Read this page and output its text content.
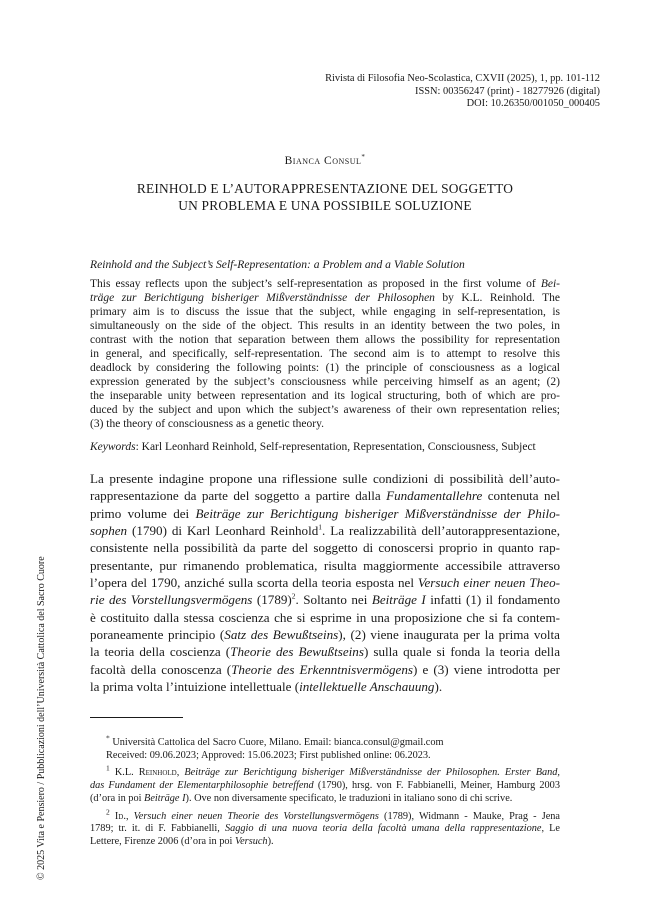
Rivista di Filosofia Neo-Scolastica, CXVII (2025), 1, pp. 101-112
ISSN: 00356247 (print) - 18277926 (digital)
DOI: 10.26350/001050_000405
Bianca Consul*
REINHOLD E L’AUTORAPPRESENTAZIONE DEL SOGGETTO
UN PROBLEMA E UNA POSSIBILE SOLUZIONE
Reinhold and the Subject’s Self-Representation: a Problem and a Viable Solution
This essay reflects upon the subject’s self-representation as proposed in the first volume of Bei-
träge zur Berichtigung bisheriger Mißverständnisse der Philosophen by K.L. Reinhold. The
primary aim is to discuss the issue that the subject, while engaging in self-representation, is
simultaneously on the side of the object. This results in an identity between the two poles, in
contrast with the notion that separation between them allows the possibility for representation
in general, and specifically, self-representation. The second aim is to attempt to resolve this
deadlock by considering the following points: (1) the principle of consciousness as a logical
expression generated by the subject’s consciousness while perceiving himself as an agent; (2)
the inseparable unity between representation and its logical structuring, both of which are pro-
duced by the subject and upon which the subject’s awareness of their own representation relies;
(3) the theory of consciousness as a genetic theory.
Keywords: Karl Leonhard Reinhold, Self-representation, Representation, Consciousness, Subject
La presente indagine propone una riflessione sulle condizioni di possibilità dell’auto-
rappresentazione da parte del soggetto a partire dalla Fundamentallehre contenuta nel
primo volume dei Beiträge zur Berichtigung bisheriger Mißverständnisse der Philo-
sophen (1790) di Karl Leonhard Reinhold$^1$. La realizzabilità dell’autorappresentazione,
consistente nella possibilità da parte del soggetto di conoscersi proprio in quanto rap-
presentante, pur rimanendo problematica, risulta maggiormente accessibile attraverso
l’opera del 1790, anziché sulla scorta della teoria esposta nel Versuch einer neuen Theo-
rie des Vorstellungsvermögens $(1789)^2$. Soltanto nei Beiträge I infatti (1) il fondamento
è costituito dalla stessa coscienza che si esprime in una proposizione che si fa contem-
poraneamente principio (Satz des Bewußtseins), (2) viene inaugurata per la prima volta
la teoria della coscienza (Theorie des Bewußtseins) sulla quale si fonda la teoria della
facoltà della conoscenza (Theorie des Erkenntnisvermögens) e (3) viene introdotta per
la prima volta l’intuizione intellettuale (intellektuelle Anschauung).
* Università Cattolica del Sacro Cuore, Milano. Email: bianca.consul@gmail.com
Received: 09.06.2023; Approved: 15.06.2023; First published online: 06.2023.
$^1$ K.L. Reinhold, Beiträge zur Berichtigung bisheriger Mißverständnisse der Philosophen. Erster Band,
das Fundament der Elementarphilosophie betreffend (1790), hrsg. von F. Fabbianelli, Meiner, Hamburg 2003
(d’ora in poi Beiträge I). Ove non diversamente specificato, le traduzioni in italiano sono di chi scrive.
$^2$ Id., Versuch einer neuen Theorie des Vorstellungsvermögens (1789), Widmann - Mauke, Prag - Jena
1789; tr. it. di F. Fabbianelli, Saggio di una nuova teoria della facoltà umana della rappresentazione, Le
Lettere, Firenze 2006 (d’ora in poi Versuch).
© 2025 Vita e Pensiero / Pubblicazioni dell’Università Cattolica del Sacro Cuore
